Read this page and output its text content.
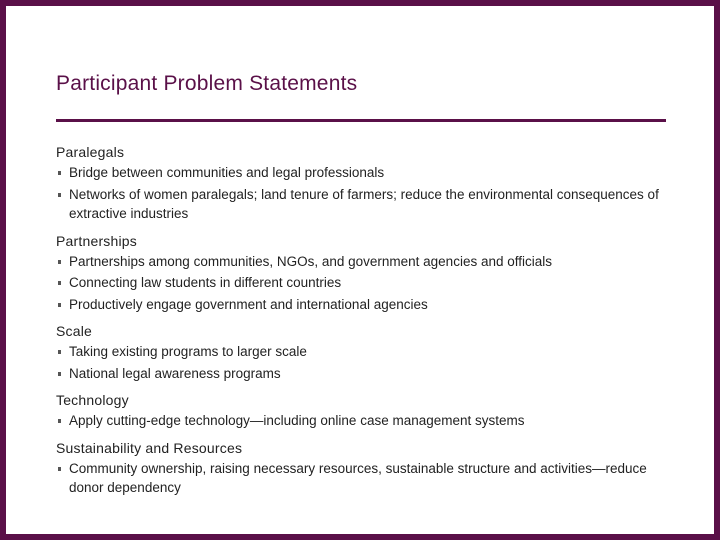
Participant Problem Statements
Paralegals
Bridge between communities and legal professionals
Networks of women paralegals; land tenure of farmers; reduce the environmental consequences of extractive industries
Partnerships
Partnerships among communities, NGOs, and government agencies and officials
Connecting law students in different countries
Productively engage government and international agencies
Scale
Taking existing programs to larger scale
National legal awareness programs
Technology
Apply cutting-edge technology—including online case management systems
Sustainability and Resources
Community ownership, raising necessary resources, sustainable structure and activities—reduce donor dependency
